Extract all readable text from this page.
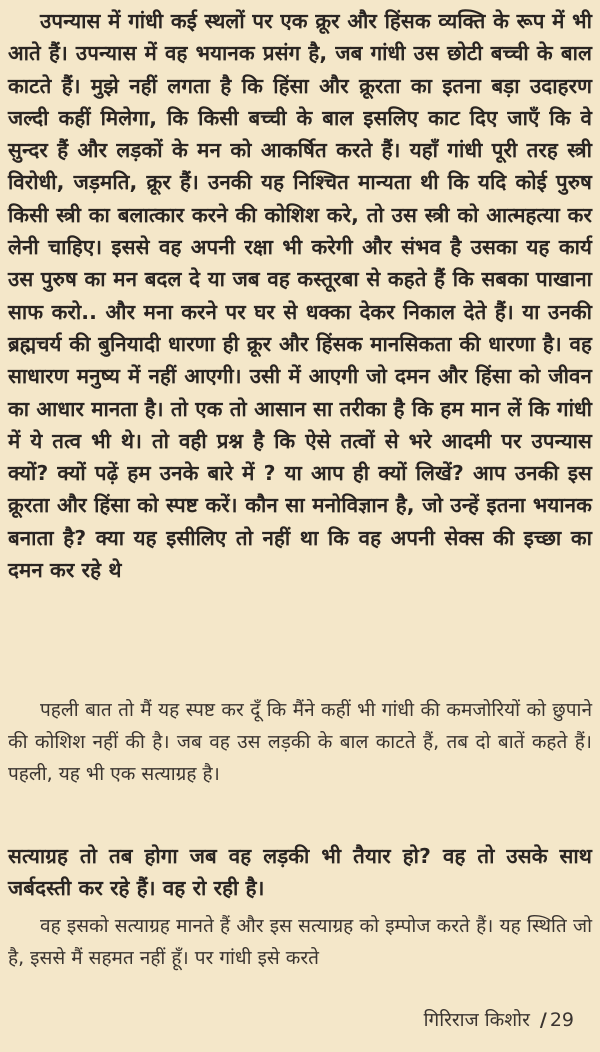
उपन्यास में गांधी कई स्थलों पर एक क्रूर और हिंसक व्यक्ति के रूप में भी आते हैं। उपन्यास में वह भयानक प्रसंग है, जब गांधी उस छोटी बच्ची के बाल काटते हैं। मुझे नहीं लगता है कि हिंसा और क्रूरता का इतना बड़ा उदाहरण जल्दी कहीं मिलेगा, कि किसी बच्ची के बाल इसलिए काट दिए जाएँ कि वे सुन्दर हैं और लड़कों के मन को आकर्षित करते हैं। यहाँ गांधी पूरी तरह स्त्री विरोधी, जड़मति, क्रूर हैं। उनकी यह निश्चित मान्यता थी कि यदि कोई पुरुष किसी स्त्री का बलात्कार करने की कोशिश करे, तो उस स्त्री को आत्महत्या कर लेनी चाहिए। इससे वह अपनी रक्षा भी करेगी और संभव है उसका यह कार्य उस पुरुष का मन बदल दे या जब वह कस्तूरबा से कहते हैं कि सबका पाखाना साफ करो.. और मना करने पर घर से धक्का देकर निकाल देते हैं। या उनकी ब्रह्मचर्य की बुनियादी धारणा ही क्रूर और हिंसक मानसिकता की धारणा है। वह साधारण मनुष्य में नहीं आएगी। उसी में आएगी जो दमन और हिंसा को जीवन का आधार मानता है। तो एक तो आसान सा तरीका है कि हम मान लें कि गांधी में ये तत्व भी थे। तो वही प्रश्न है कि ऐसे तत्वों से भरे आदमी पर उपन्यास क्यों? क्यों पढ़ें हम उनके बारे में ? या आप ही क्यों लिखें? आप उनकी इस क्रूरता और हिंसा को स्पष्ट करें। कौन सा मनोविज्ञान है, जो उन्हें इतना भयानक बनाता है? क्या यह इसीलिए तो नहीं था कि वह अपनी सेक्स की इच्छा का दमन कर रहे थे

पहली बात तो मैं यह स्पष्ट कर दूँ कि मैंने कहीं भी गांधी की कमजोरियों को छुपाने की कोशिश नहीं की है। जब वह उस लड़की के बाल काटते हैं, तब दो बातें कहते हैं। पहली, यह भी एक सत्याग्रह है।

सत्याग्रह तो तब होगा जब वह लड़की भी तैयार हो? वह तो उसके साथ जर्बदस्ती कर रहे हैं। वह रो रही है।

वह इसको सत्याग्रह मानते हैं और इस सत्याग्रह को इम्पोज करते हैं। यह स्थिति जो है, इससे मैं सहमत नहीं हूँ। पर गांधी इसे करते

गिरिराज किशोर / 29
